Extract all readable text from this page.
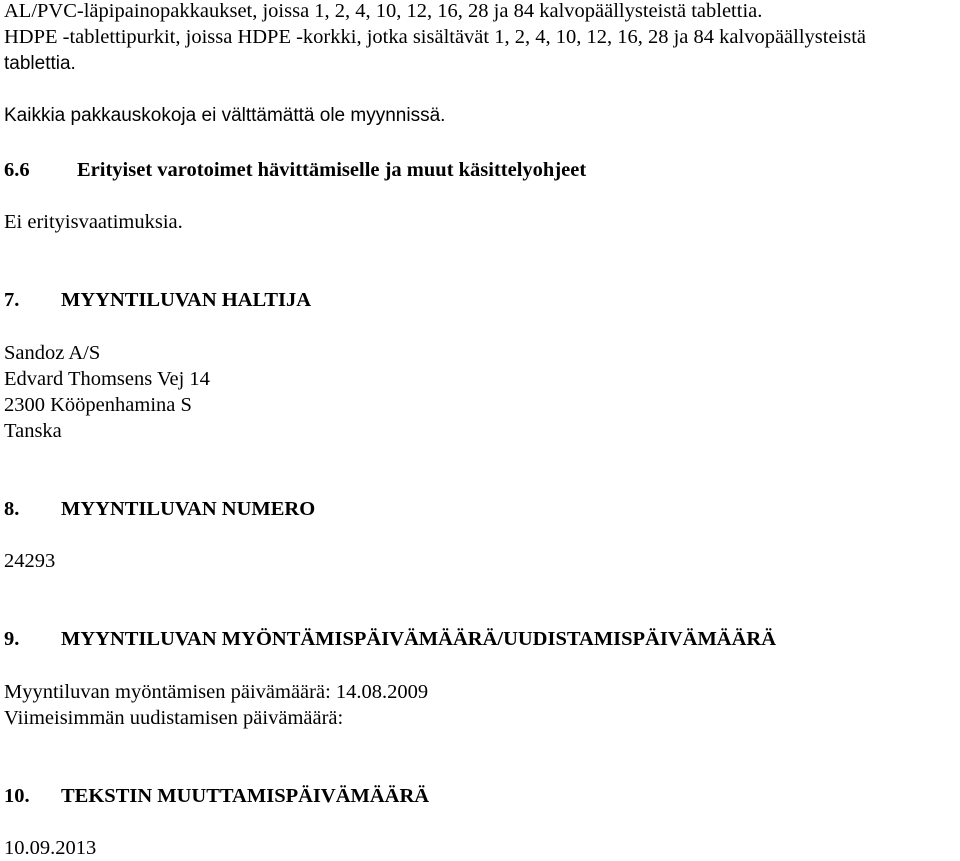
AL/PVC-läpipainopakkaukset, joissa 1, 2, 4, 10, 12, 16, 28 ja 84 kalvopäällysteistä tablettia.
HDPE -tablettipurkit, joissa HDPE -korkki, jotka sisältävät 1, 2, 4, 10, 12, 16, 28 ja 84 kalvopäällysteistä
tablettia.
Kaikkia pakkauskokoja ei välttämättä ole myynnissä.
6.6 Erityiset varotoimet hävittämiselle ja muut käsittelyohjeet
Ei erityisvaatimuksia.
7. MYYNTILUVAN HALTIJA
Sandoz A/S
Edvard Thomsens Vej 14
2300 Kööpenhamina S
Tanska
8. MYYNTILUVAN NUMERO
24293
9. MYYNTILUVAN MYÖNTÄMISPÄIVÄMÄÄRÄ/UUDISTAMISPÄIVÄMÄÄRÄ
Myyntiluvan myöntämisen päivämäärä: 14.08.2009
Viimeisimmän uudistamisen päivämäärä:
10. TEKSTIN MUUTTAMISPÄIVÄMÄÄRÄ
10.09.2013
